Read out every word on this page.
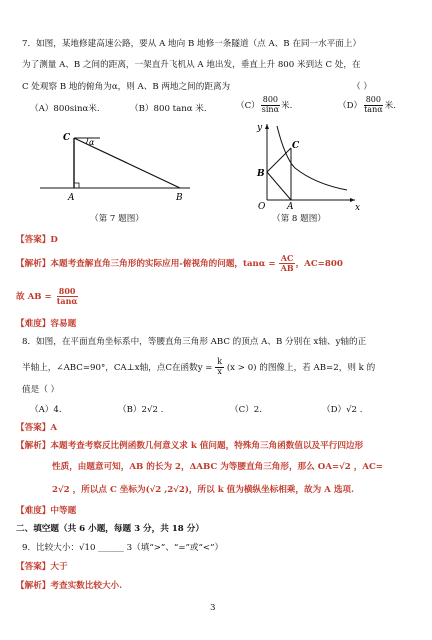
7．如图，某地修建高速公路，要从 A 地向 B 地修一条隧道（点 A、B 在同一水平面上）
为了测量 A、B 之间的距离，一架直升飞机从 A 地出发，垂直上升 800 米到达 C 处，在
C 处观察 B 地的俯角为α，则 A、B 两地之间的距离为	（ ）
（A）800sinα米.	（B）800 tanα 米.	$(C) \frac{800}{\sin\alpha}$ 米.	$(D) \frac{800}{\tan\alpha}$ 米.
C α
A	B
（第 7 题图）
y
x
C
B
O A
（第 8 题图）
【答案】D
【解析】本题考查解直角三角形的实际应用-俯视角的问题，$\tan\alpha = \frac{AC}{AB}$ ，AC=800
故 AB = $\frac{800}{\tan\alpha}$
【难度】容易题
8．如图，在平面直角坐标系中，等腰直角三角形 ABC 的顶点 A、B 分别在 x轴、y轴的正
半轴上，∠ABC=90°，CA⊥x轴，点C在函数$y = \frac{k}{x} (x > 0)$ 的图像上，若 AB=2，则 k 的
值是（ ）
（A）4.	（B）2√2 .	（C）2.	（D）√2 .
【答案】A
【解析】本题考查考察反比例函数几何意义求 k 值问题，特殊角三角函数值以及平行四边形
性质，由题意可知，AB 的长为 2，ΔABC 为等腰直角三角形，那么 OA=√2 ，AC=
2√2 ，所以点 C 坐标为(√2 ,2√2)，所以 k 值为横纵坐标相乘，故为 A 选项.
【难度】中等题
二、填空题（共 6 小题，每题 3 分，共 18 分）
9．比较大小：√10 ______ 3（填“>”、“=”或“<”）
【答案】大于
【解析】考查实数比较大小.
3
